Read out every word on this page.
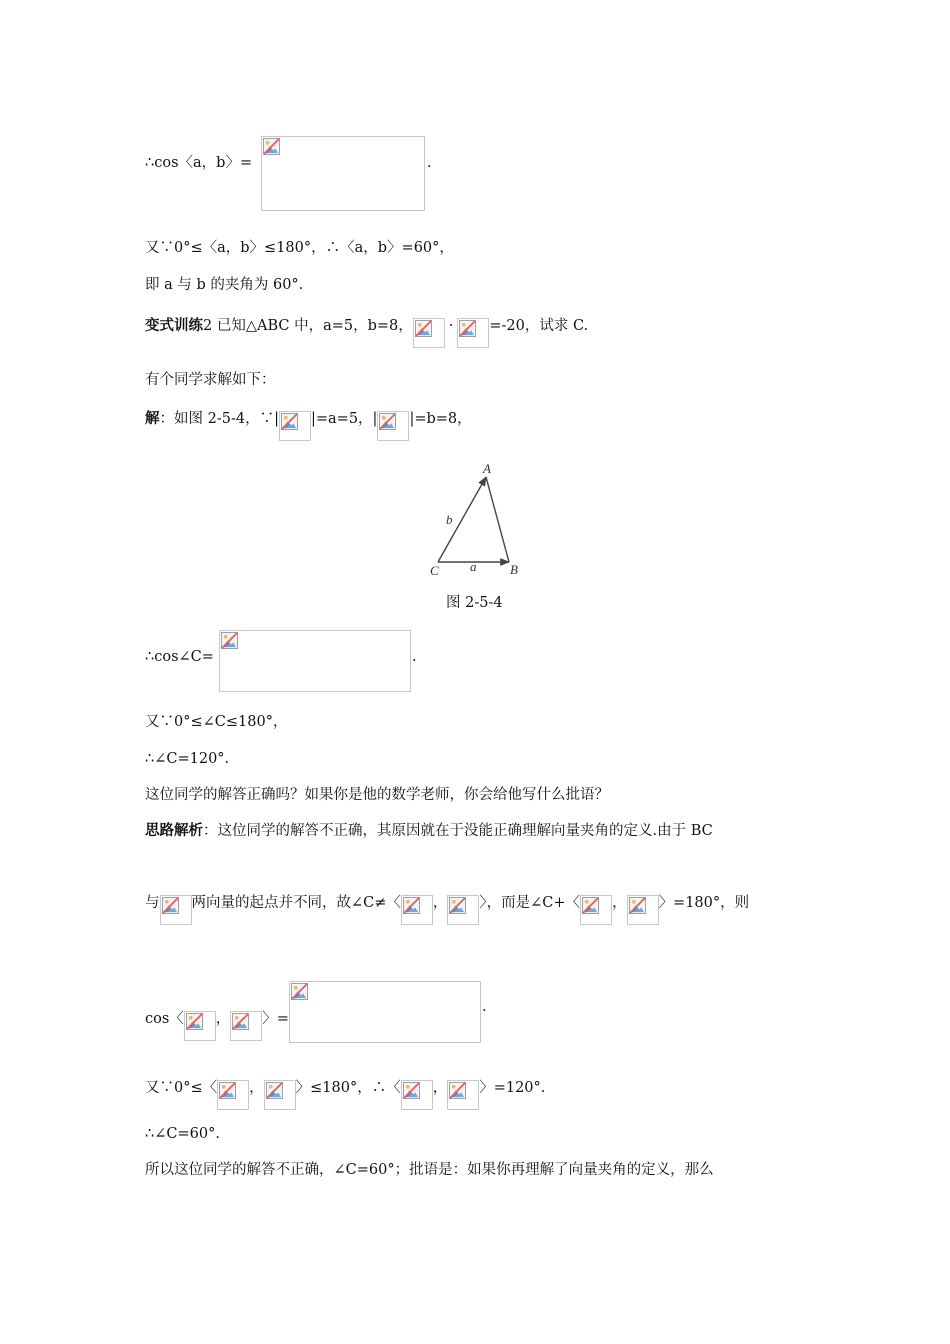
∴cos〈a，b〉=	.
又∵0°≤〈a，b〉≤180°，∴〈a，b〉=60°，
即 a 与 b 的夹角为 60°.
变式训练 2 已知△ABC 中，a=5，b=8， · =-20，试求 C.
有个同学求解如下：
解 ：如图 2-5-4，∵| |=a=5，| |=b=8，
A
B
C a
b
图 2-5-4
∴cos∠C=	.
又∵0°≤∠C≤180°，
∴∠C=120°.
这位同学的解答正确吗？如果你是他的数学老师，你会给他写什么批语？
思路解析 ：这位同学的解答不正确，其原因就在于没能正确理解向量夹角的定义.由于 BC
与 两向量的起点并不同，故∠C≠〈 ， 〉，而是∠C+〈 ， 〉=180°，则
cos〈 ， 〉=
.
又∵0°≤〈 ， 〉≤180°，∴〈 ， 〉=120°.
∴∠C=60°.
所以这位同学的解答不正确，∠C=60°；批语是：如果你再理解了向量夹角的定义，那么
